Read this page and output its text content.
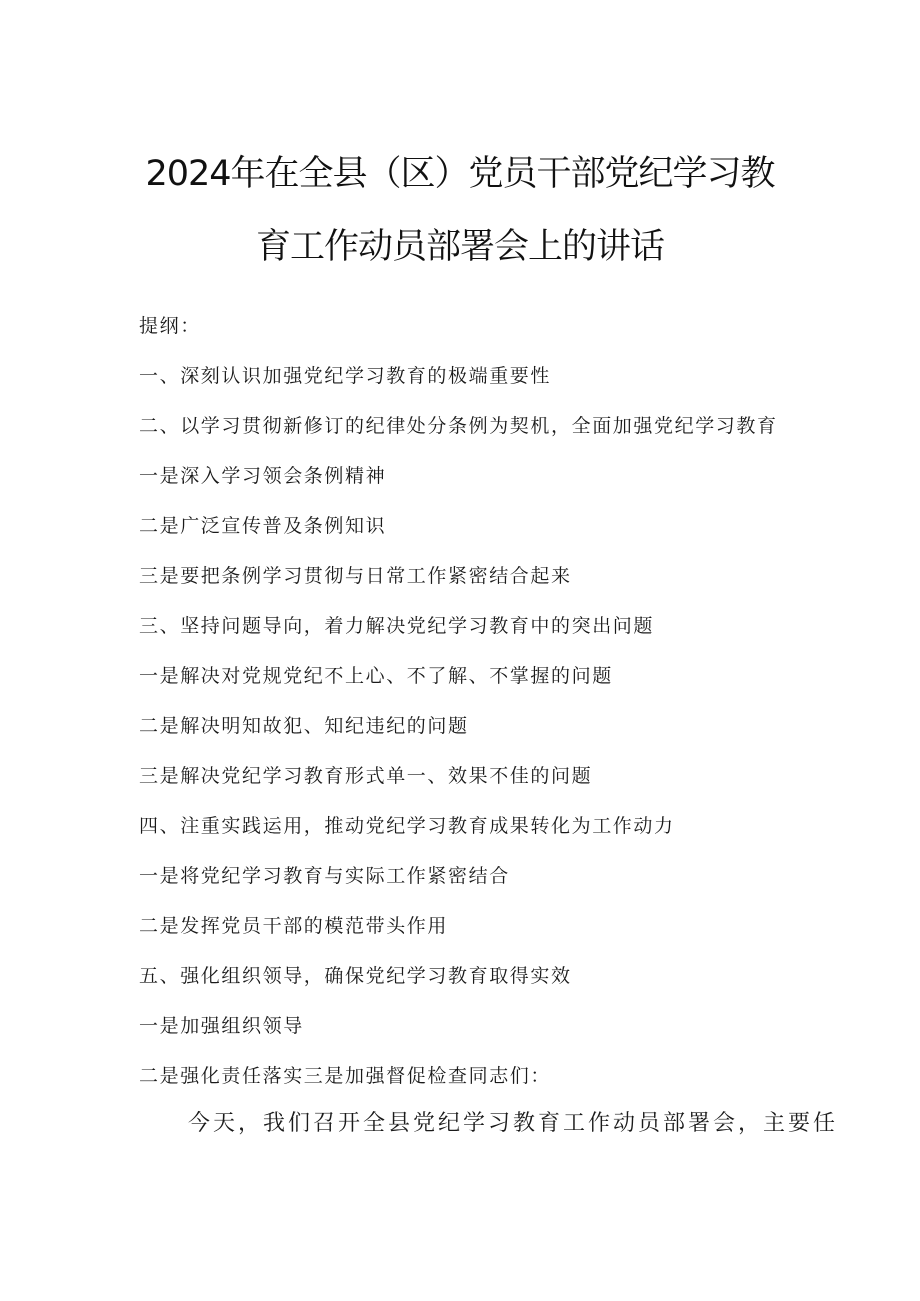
2024年在全县（区）党员干部党纪学习教
育工作动员部署会上的讲话
提纲：
一、深刻认识加强党纪学习教育的极端重要性
二、以学习贯彻新修订的纪律处分条例为契机，全面加强党纪学习教育
一是深入学习领会条例精神
二是广泛宣传普及条例知识
三是要把条例学习贯彻与日常工作紧密结合起来
三、坚持问题导向，着力解决党纪学习教育中的突出问题
一是解决对党规党纪不上心、不了解、不掌握的问题
二是解决明知故犯、知纪违纪的问题
三是解决党纪学习教育形式单一、效果不佳的问题
四、注重实践运用，推动党纪学习教育成果转化为工作动力
一是将党纪学习教育与实际工作紧密结合
二是发挥党员干部的模范带头作用
五、强化组织领导，确保党纪学习教育取得实效
一是加强组织领导
二是强化责任落实三是加强督促检查同志们：
今天，我们召开全县党纪学习教育工作动员部署会，主要任
